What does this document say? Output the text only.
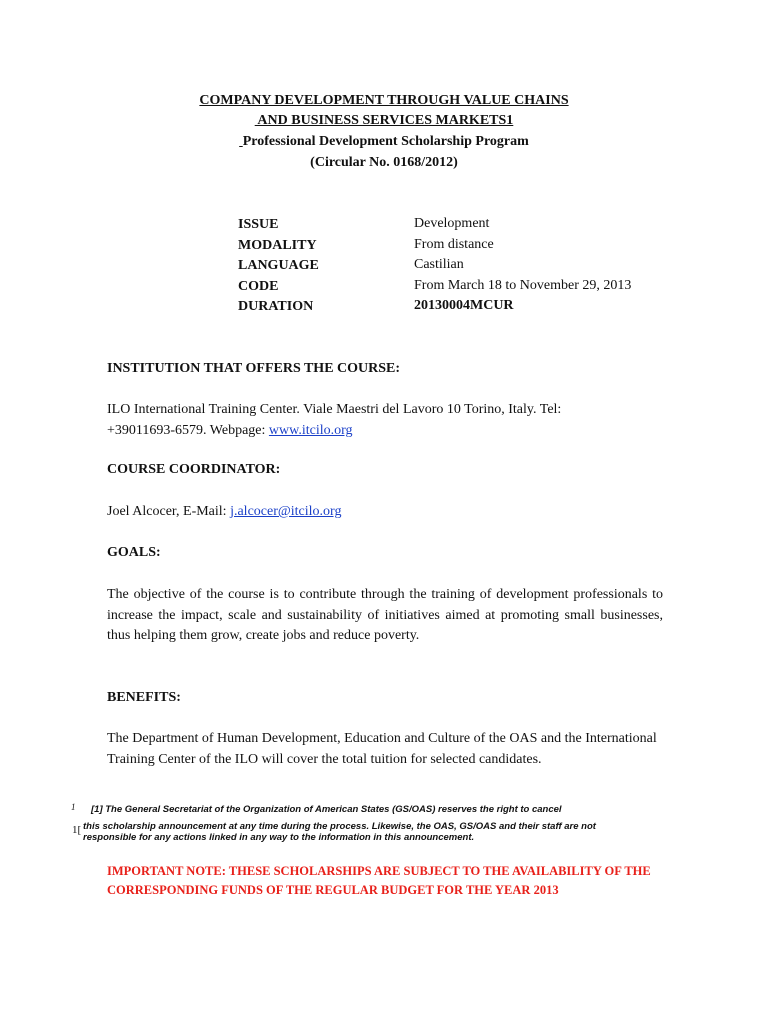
COMPANY DEVELOPMENT THROUGH VALUE CHAINS
AND BUSINESS SERVICES MARKETS1
Professional Development Scholarship Program
(Circular No. 0168/2012)
ISSUE	Development
MODALITY	From distance
LANGUAGE	Castilian
CODE	From March 18 to November 29, 2013
DURATION	20130004MCUR
INSTITUTION THAT OFFERS THE COURSE:
ILO International Training Center. Viale Maestri del Lavoro 10 Torino, Italy. Tel:
+39011693-6579. Webpage: www.itcilo.org
COURSE COORDINATOR:
Joel Alcocer, E-Mail: j.alcocer@itcilo.org
GOALS:
The objective of the course is to contribute through the training of development professionals to increase the impact, scale and sustainability of initiatives aimed at promoting small businesses, thus helping them grow, create jobs and reduce poverty.
BENEFITS:
The Department of Human Development, Education and Culture of the OAS and the International Training Center of the ILO will cover the total tuition for selected candidates.
1 [1] The General Secretariat of the Organization of American States (GS/OAS) reserves the right to cancel
1[ this scholarship announcement at any time during the process. Likewise, the OAS, GS/OAS and their staff are not
responsible for any actions linked in any way to the information in this announcement.
IMPORTANT NOTE: THESE SCHOLARSHIPS ARE SUBJECT TO THE AVAILABILITY OF THE
CORRESPONDING FUNDS OF THE REGULAR BUDGET FOR THE YEAR 2013
